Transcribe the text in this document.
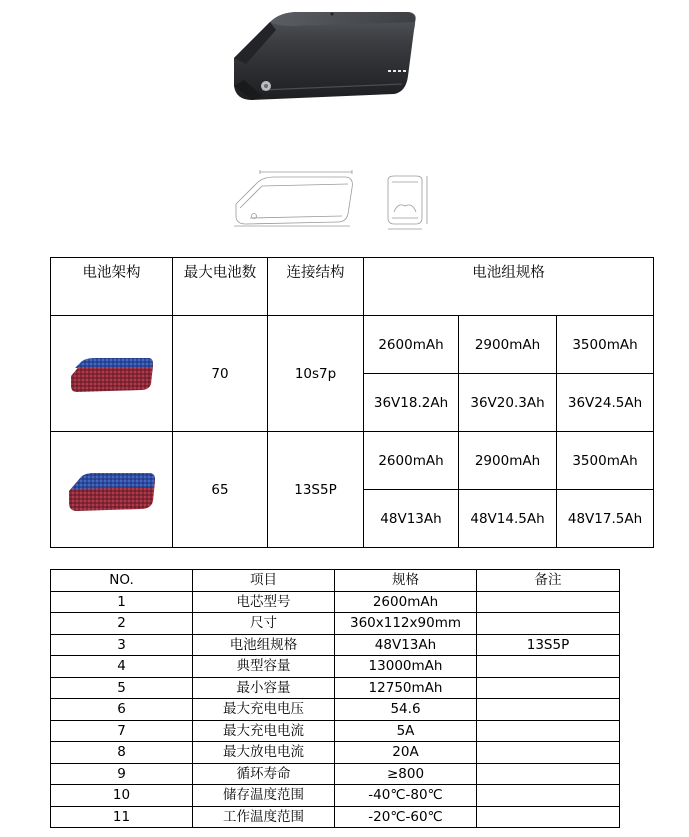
电池架构	最大电池数	连接结构	电池组规格		

	70	10s7p	2600mAh	2900mAh	3500mAh
			36V18.2Ah	36V20.3Ah	36V24.5Ah

	65	13S5P	2600mAh	2900mAh	3500mAh
			48V13Ah	48V14.5Ah	48V17.5Ah
NO.	项目	规格	备注
1	电芯型号	2600mAh	
2	尺寸	360x112x90mm	
3	电池组规格	48V13Ah	13S5P
4	典型容量	13000mAh	
5	最小容量	12750mAh	
6	最大充电电压	54.6	
7	最大充电电流	5A	
8	最大放电电流	20A	
9	循环寿命	≥800	
10	储存温度范围	-40℃-80℃	
11	工作温度范围	-20℃-60℃	
